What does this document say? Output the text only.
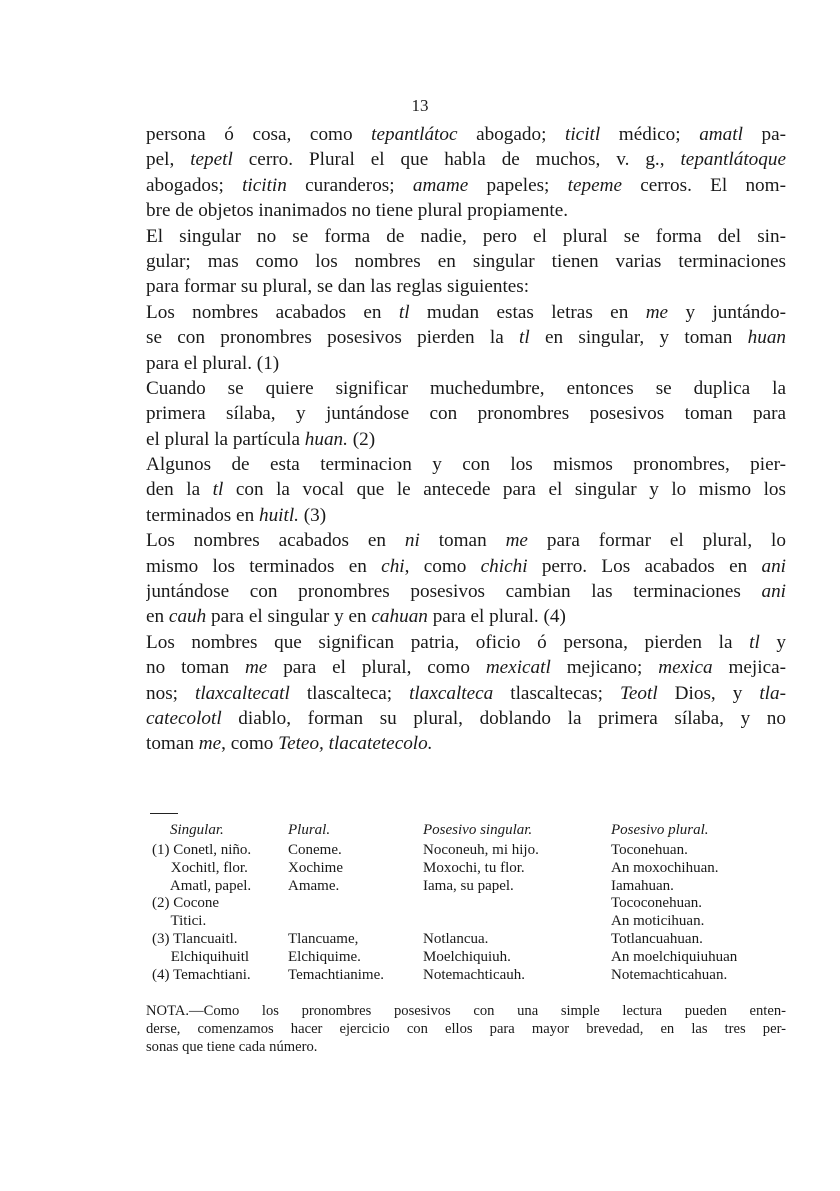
13
persona ó cosa, como tepantlátoc abogado; ticitl médico; amatl pa-
pel, tepetl cerro. Plural el que habla de muchos, v. g., tepantlátoque
abogados; ticitin curanderos; amame papeles; tepeme cerros. El nom-
bre de objetos inanimados no tiene plural propiamente.
El singular no se forma de nadie, pero el plural se forma del sin-
gular; mas como los nombres en singular tienen varias terminaciones
para formar su plural, se dan las reglas siguientes:
Los nombres acabados en tl mudan estas letras en me y juntándo-
se con pronombres posesivos pierden la tl en singular, y toman huan
para el plural. (1)
Cuando se quiere significar muchedumbre, entonces se duplica la
primera sílaba, y juntándose con pronombres posesivos toman para
el plural la partícula huan. (2)
Algunos de esta terminacion y con los mismos pronombres, pier-
den la tl con la vocal que le antecede para el singular y lo mismo los
terminados en huitl. (3)
Los nombres acabados en ni toman me para formar el plural, lo
mismo los terminados en chi, como chichi perro. Los acabados en ani
juntándose con pronombres posesivos cambian las terminaciones ani
en cauh para el singular y en cahuan para el plural. (4)
Los nombres que significan patria, oficio ó persona, pierden la tl y
no toman me para el plural, como mexicatl mejicano; mexica mejica-
nos; tlaxcaltecatl tlascalteca; tlaxcalteca tlascaltecas; Teotl Dios, y tla-
catecolotl diablo, forman su plural, doblando la primera sílaba, y no
toman me, como Teteo, tlacatetecolo.
Singular.	Plural.	Posesivo singular.	Posesivo plural.
(1) Conetl, niño.	Coneme.	Noconeuh, mi hijo.	Toconehuan.
Xochitl, flor.	Xochime	Moxochi, tu flor.	An moxochihuan.
Amatl, papel.	Amame.	Iama, su papel.	Iamahuan.
(2) Cocone			Tococonehuan.
Titici.			An moticihuan.
(3) Tlancuaitl.	Tlancuame,	Notlancua.	Totlancuahuan.
Elchiquihuitl	Elchiquime.	Moelchiquiuh.	An moelchiquiuhuan
(4) Temachtiani.	Temachtianime.	Notemachticauh.	Notemachticahuan.
NOTA.—Como los pronombres posesivos con una simple lectura pueden enten-
derse, comenzamos hacer ejercicio con ellos para mayor brevedad, en las tres per-
sonas que tiene cada número.
